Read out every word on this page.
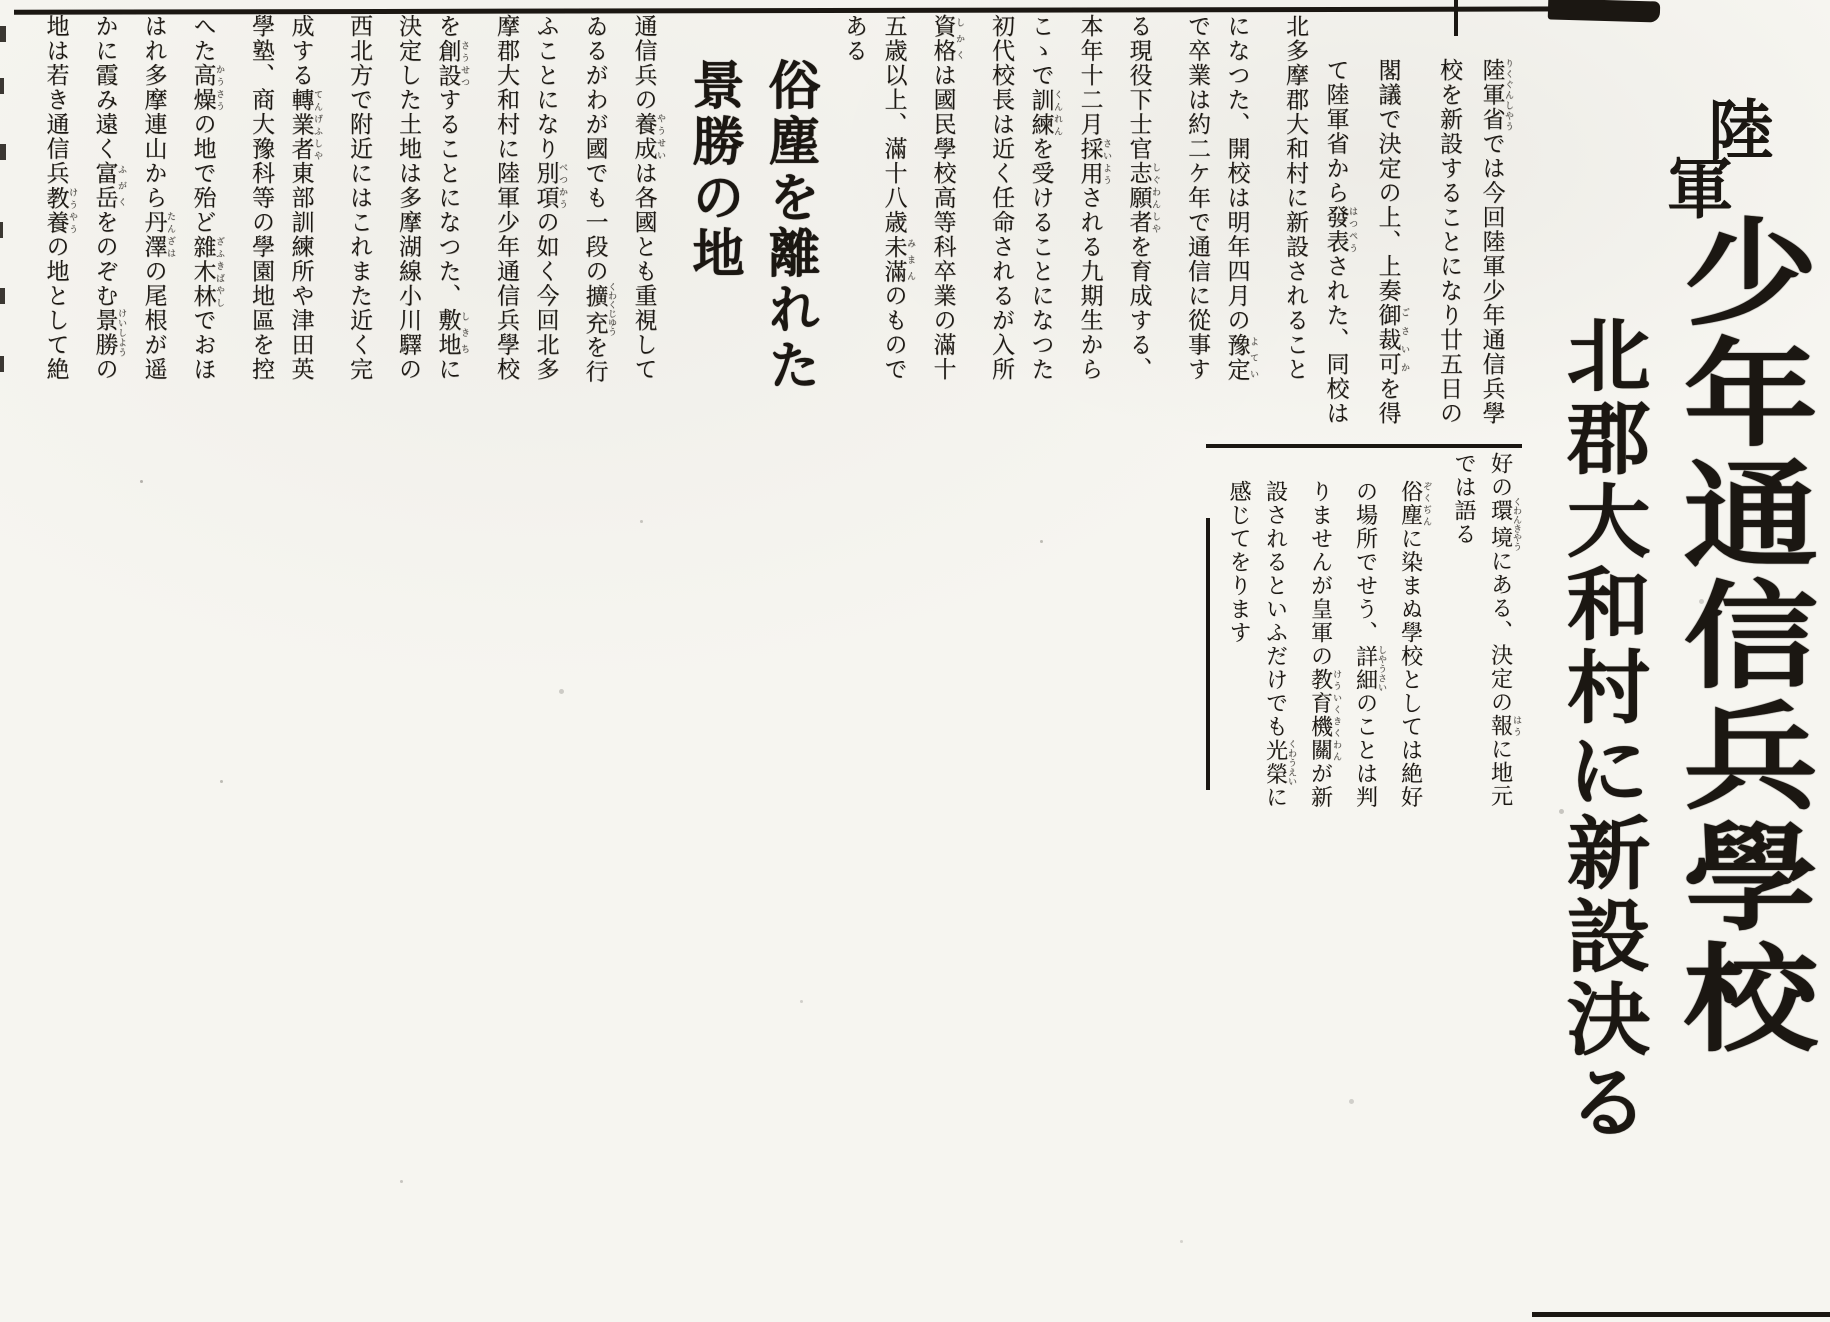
陸
軍
少年通信兵學校
北郡大和村に新設決る
陸軍省 りくぐんしやうでは今回陸軍少年通信兵學
校を新設することになり廿五日の
閣議で決定の上、上奏御裁可 ごさいかを得
て陸軍省から發表 はつぺうされた、同校は
北多摩郡大和村に新設されること
になつた、開校は明年四月の豫定 よてい
で卒業は約二ケ年で通信に從事す
る現役下士官志願者 しぐわんしやを育成する、
本年十二月採用 さいようされる九期生から
こゝで訓練 くんれんを受けることになつた
初代校長は近く任命されるが入所
資格 しかくは國民學校高等科卒業の滿十
五歳以上、滿十八歳未滿 みまんのもので
ある
俗塵を離れた
景勝の地
通信兵の養成 やうせいは各國とも重視して
ゐるがわが國でも一段の擴充 くわくじゆうを行
ふことになり別項 べつかうの如く今回北多
摩郡大和村に陸軍少年通信兵學校
を創設 さうせつすることになつた、敷地 しきちに
決定した土地は多摩湖線小川驛の
西北方で附近にはこれまた近く完
成する轉業者 てんげふしや東部訓練所や津田英
學塾、商大豫科等の學園地區を控
へた高燥 かうさうの地で殆ど雜木林 ざふきばやしでおほ
はれ多摩連山から丹澤 たんざはの尾根が遥
かに霞み遠く富岳 ふがくをのぞむ景勝 けいしようの
地は若き通信兵教養 けうやうの地として絶
好の環境くわんきやうにある、決定の報はうに地元
では語る
俗塵ぞくぢんに染まぬ學校としては絶好
の場所でせう、詳細しやうさいのことは判
りませんが皇軍の教育機關けういくきくわんが新
設されるといふだけでも光榮くわうえいに
感じてをります
